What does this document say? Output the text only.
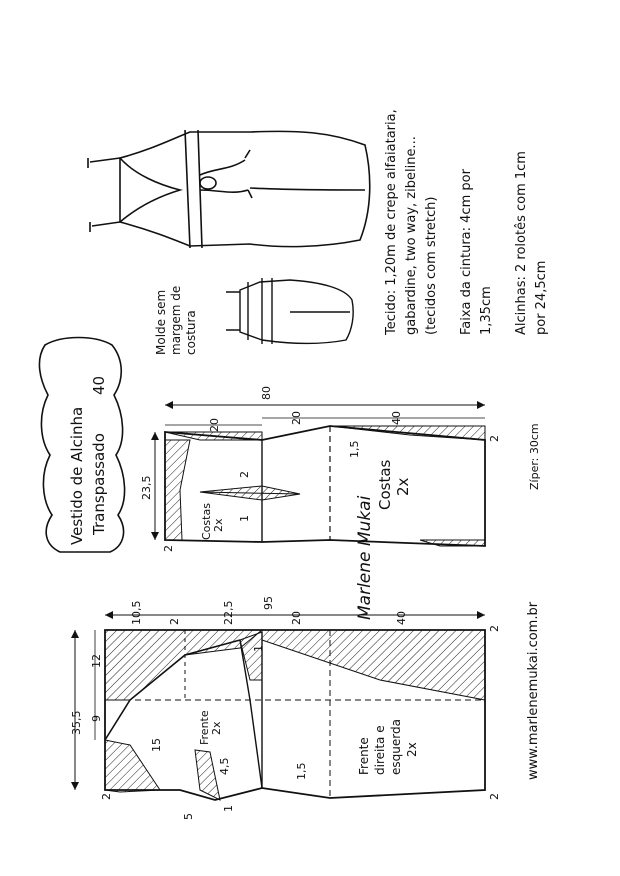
Vestido de Alcinha Transpassado
40
Molde sem margem de costura	Tecido: 1,20m de crepe alfaiataria, gabardine, two way, zibeline... (tecidos com stretch) Faixa da cintura: 4cm por 1,35cm Alcinhas: 2 rolotês com 1cm por 24,5cm
Zíper: 30cm
www.marlenemukai.com.br
Marlene Mukai
Costas 2x
Costas 2x
80
20	20	40
23,5
2
2
2
1
1,5
Frente 2x
Frente direita e esquerda 2x
35,5
10,5 2	22,5 95
20	40
12
9
15
4,5	1,5
5
1
1
2
2
2
